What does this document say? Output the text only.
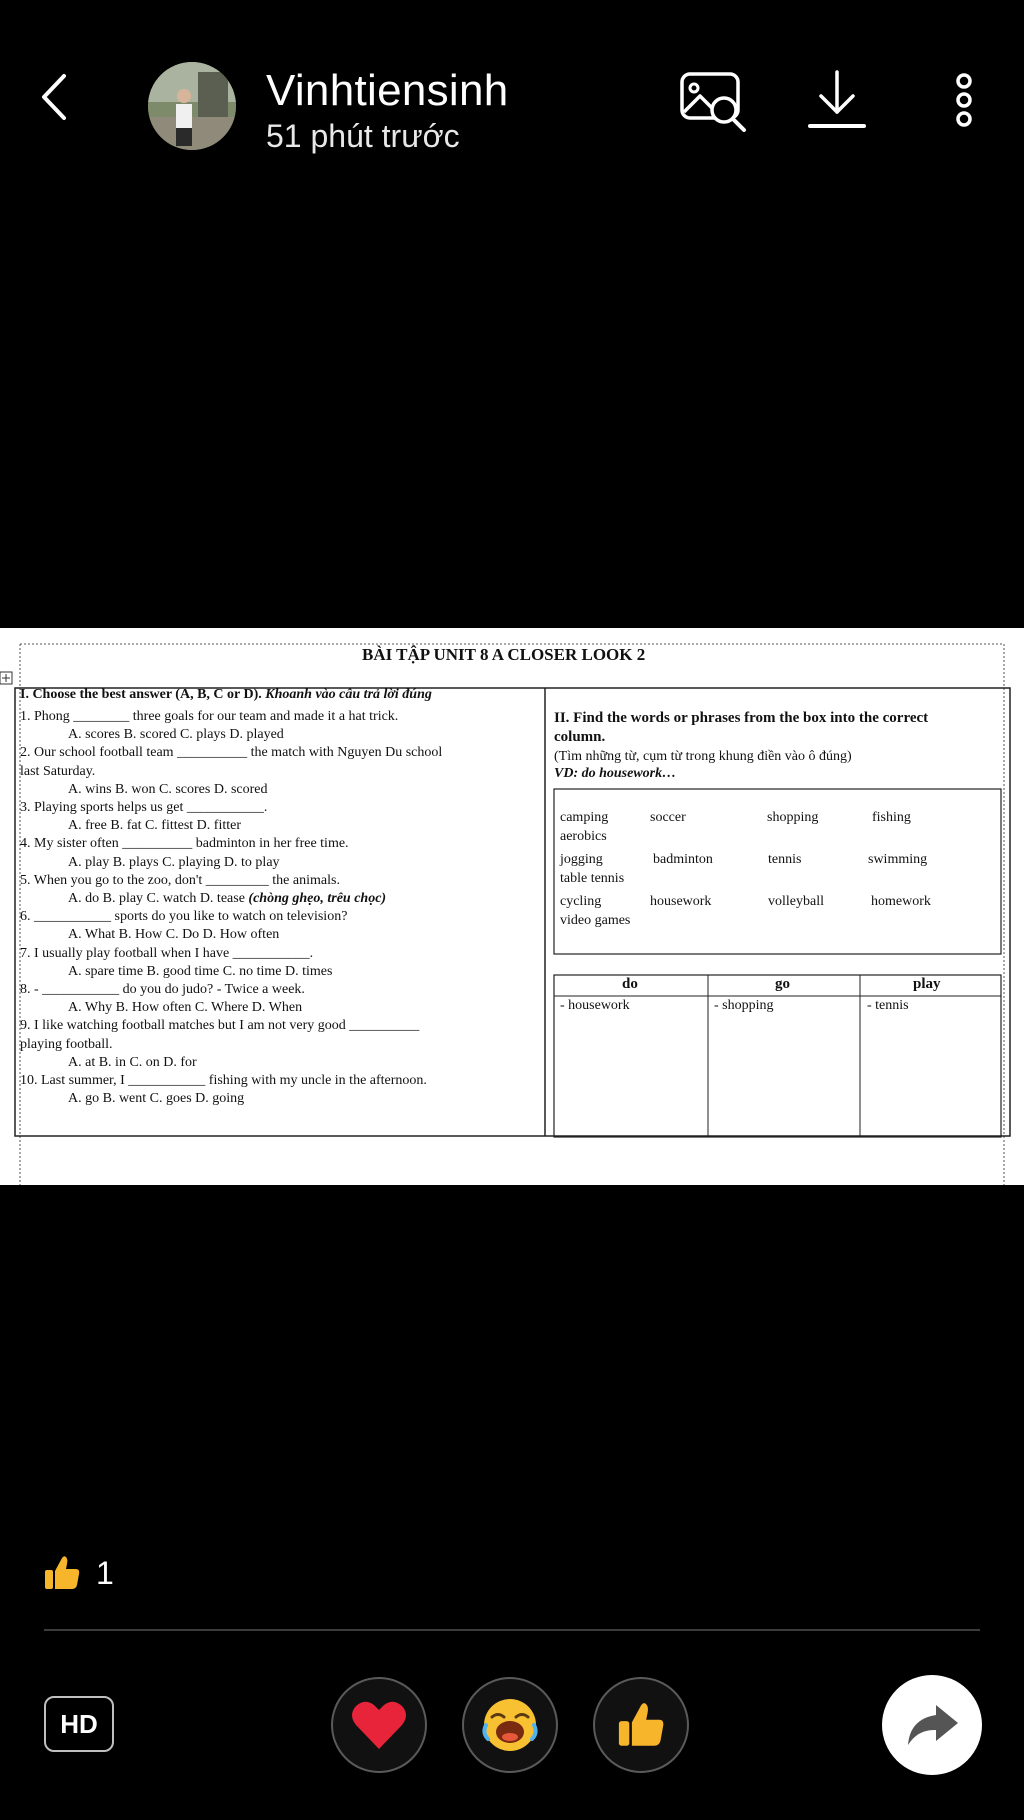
Vinhtiensinh
51 phút trước
BÀI TẬP UNIT 8 A CLOSER LOOK 2
I. Choose the best answer (A, B, C or D). Khoanh vào câu trả lời đúng
1. Phong ________ three goals for our team and made it a hat trick.
A. scores B. scored C. plays D. played
2. Our school football team __________ the match with Nguyen Du school
last Saturday.
A. wins B. won C. scores D. scored
3. Playing sports helps us get ___________.
A. free B. fat C. fittest D. fitter
4. My sister often __________ badminton in her free time.
A. play B. plays C. playing D. to play
5. When you go to the zoo, don't _________ the animals.
A. do B. play C. watch D. tease (chòng ghẹo, trêu chọc)
6. ___________ sports do you like to watch on television?
A. What B. How C. Do D. How often
7. I usually play football when I have ___________.
A. spare time B. good time C. no time D. times
8. - ___________ do you do judo? - Twice a week.
A. Why B. How often C. Where D. When
9. I like watching football matches but I am not very good __________
playing football.
A. at B. in C. on D. for
10. Last summer, I ___________ fishing with my uncle in the afternoon.
A. go B. went C. goes D. going
II. Find the words or phrases from the box into the correct
column.
(Tìm những từ, cụm từ trong khung điền vào ô đúng)
VD: do housework…
camping	soccer	shopping	fishing
aerobics
jogging	badminton	tennis	swimming
table tennis
cycling	housework	volleyball	homework
video games
do	go	play
- housework	- shopping	- tennis
1
HD
